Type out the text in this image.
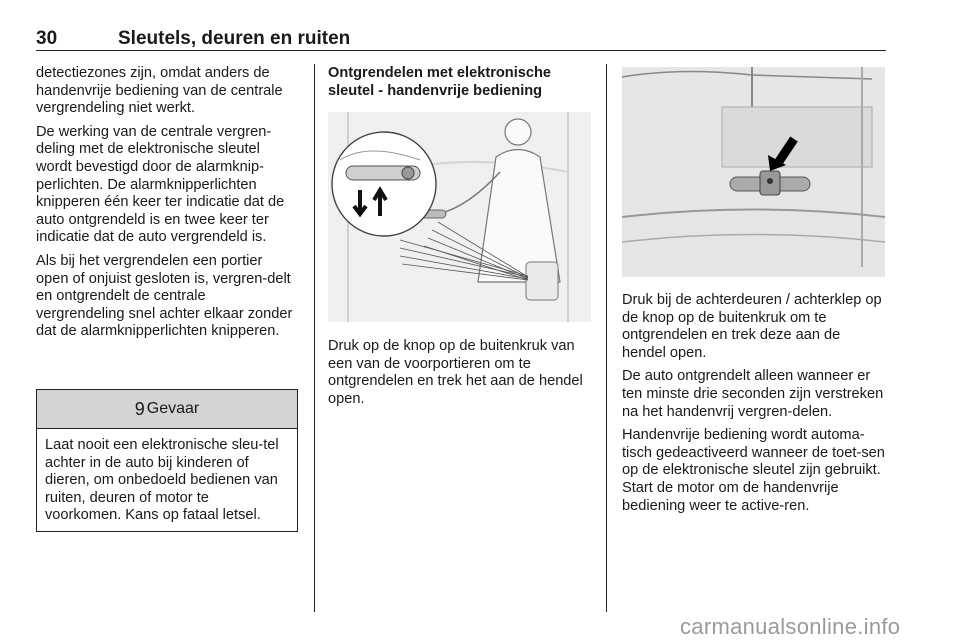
30	Sleutels, deuren en ruiten

detectiezones zijn, omdat anders de handenvrije bediening van de centrale vergrendeling niet werkt.

De werking van de centrale vergren-deling met de elektronische sleutel wordt bevestigd door de alarmknip-perlichten. De alarmknipperlichten knipperen één keer ter indicatie dat de auto ontgrendeld is en twee keer ter indicatie dat de auto vergrendeld is.

Als bij het vergrendelen een portier open of onjuist gesloten is, vergren-delt en ontgrendelt de centrale vergrendeling snel achter elkaar zonder dat de alarmknipperlichten knipperen.

9 Gevaar
Laat nooit een elektronische sleu-tel achter in de auto bij kinderen of dieren, om onbedoeld bedienen van ruiten, deuren of motor te voorkomen. Kans op fataal letsel.

Ontgrendelen met elektronische sleutel - handenvrije bediening

Druk op de knop op de buitenkruk van een van de voorportieren om te ontgrendelen en trek het aan de hendel open.

Druk bij de achterdeuren / achterklep op de knop op de buitenkruk om te ontgrendelen en trek deze aan de hendel open.

De auto ontgrendelt alleen wanneer er ten minste drie seconden zijn verstreken na het handenvrij vergren-delen.

Handenvrije bediening wordt automa-tisch gedeactiveerd wanneer de toet-sen op de elektronische sleutel zijn gebruikt. Start de motor om de handenvrije bediening weer te active-ren.

carmanualsonline.info
